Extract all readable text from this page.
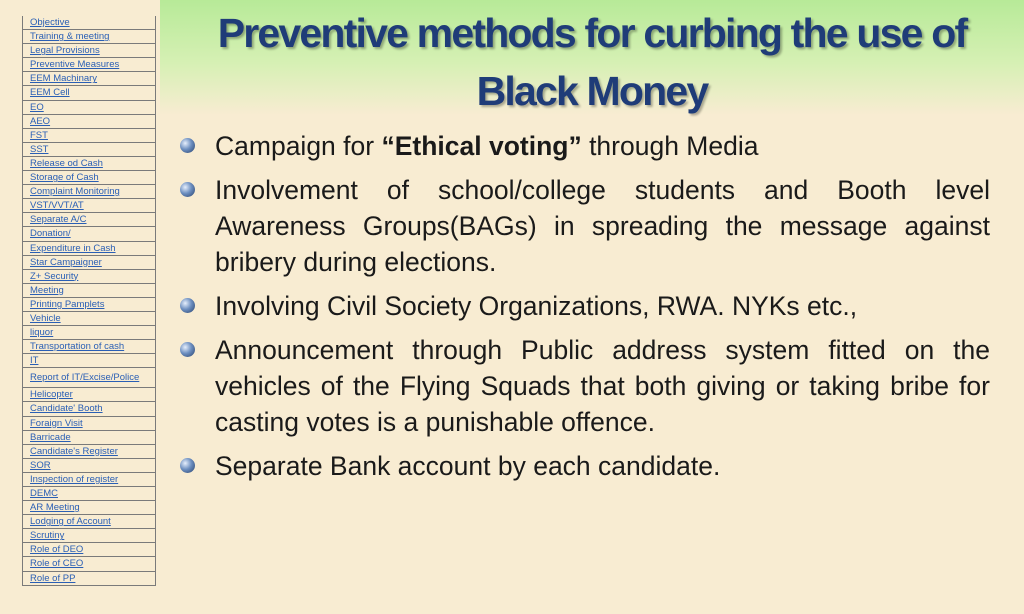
Objective
Training & meeting
Legal Provisions
Preventive Measures
EEM Machinary
EEM Cell
EO
AEO
FST
SST
Release od Cash
Storage of Cash
Complaint Monitoring
VST/VVT/AT
Separate A/C
Donation/
Expenditure in Cash
Star Campaigner
Z+ Security
Meeting
Printing Pamplets
Vehicle
liquor
Transportation of cash
IT
Report of IT/Excise/Police
Helicopter
Candidate' Booth
Foraign Visit
Barricade
Candidate's Register
SOR
Inspection of register
DEMC
AR Meeting
Lodging of Account
Scrutiny
Role of DEO
Role of CEO
Role of PP
Preventive methods for curbing the use of
Black Money
Campaign for “Ethical voting” through Media
Involvement of school/college students and Booth level Awareness Groups(BAGs) in spreading the message against bribery during elections.
Involving Civil Society Organizations, RWA. NYKs etc.,
Announcement through Public address system fitted on the vehicles of the Flying Squads that both giving or taking bribe for casting votes is a punishable offence.
Separate Bank account by each candidate.
